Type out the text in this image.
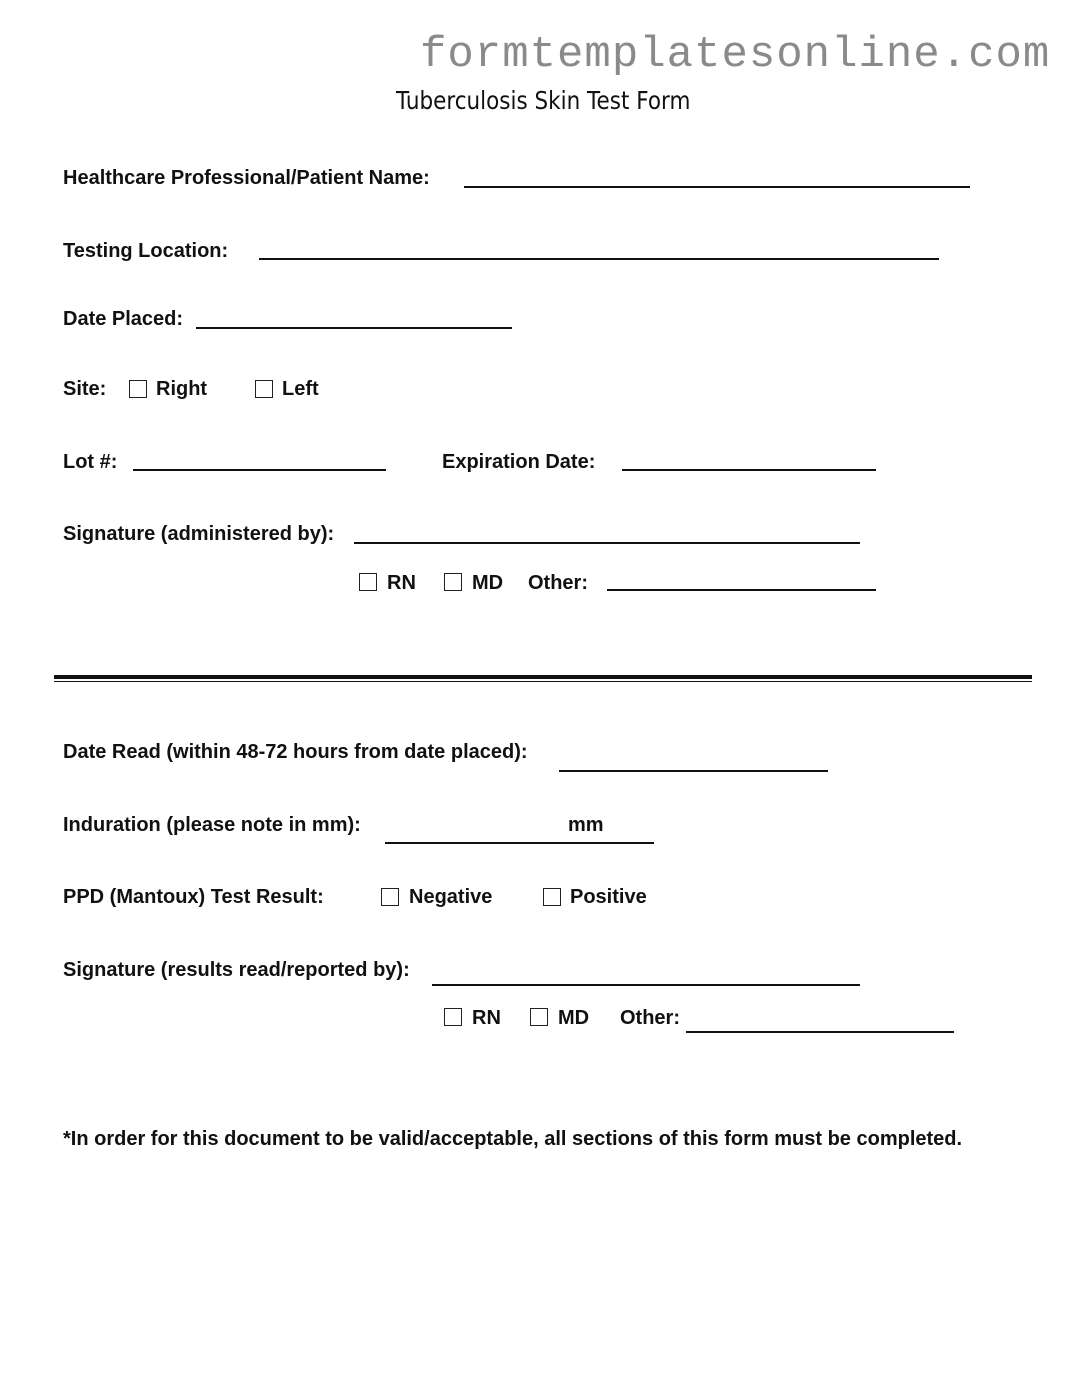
formtemplatesonline.com
Tuberculosis Skin Test Form
Healthcare Professional/Patient Name:
Testing Location:
Date Placed:
Site: Right	Left
Lot #:	Expiration Date:
Signature (administered by):
RN	MD Other:
Date Read (within 48-72 hours from date placed):
Induration (please note in mm):	mm
PPD (Mantoux) Test Result:	Negative	Positive
Signature (results read/reported by):
RN	MD Other:
*In order for this document to be valid/acceptable, all sections of this form must be completed.
